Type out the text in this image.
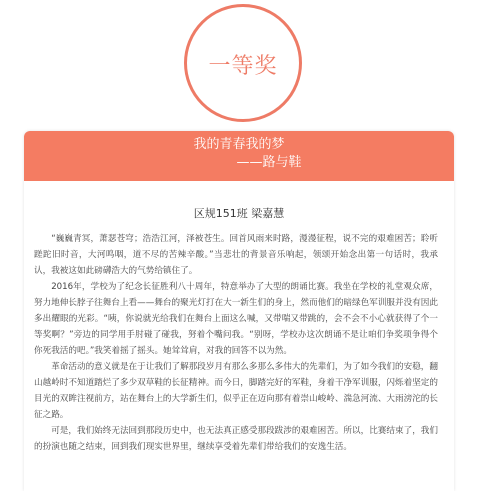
一等奖
我的青春我的梦
——路与鞋
区规151班 梁嘉慧

“巍巍青冥，萧瑟苍穹；浩浩江河，泽被苍生。回首风雨来时路，漫漫征程，说不完的艰难困苦；聆听蹉跎旧时音，大河鸣咽，道不尽的苦辣辛酸。”当悲壮的背景音乐响起，领颂开始念出第一句话时，我承认，我被这如此磅礴浩大的气势给镇住了。

2016年，学校为了纪念长征胜利八十周年，特意举办了大型的朗诵比赛。我坐在学校的礼堂观众席，努力地伸长脖子往舞台上看——舞台的聚光灯打在大一新生们的身上，然而他们的暗绿色军训服并没有因此多出耀眼的光彩。“咦，你说就光给我们在舞台上面这么喊，又带喘又带跳的，会不会不小心就获得了个一等奖啊？”旁边的同学用手肘碰了碰我，努着个嘴问我。“别呀，学校办这次朗诵不是让咱们争奖项争得个你死我活的吧。”我笑着摇了摇头。她耸耸肩，对我的回答不以为然。

革命活动的意义就是在于让我们了解那段岁月有那么多那么多伟大的先辈们，为了如今我们的安稳，翻山越岭时不知道踏烂了多少双草鞋的长征精神。而今日，脚踏完好的军鞋，身着干净军训服，闪烁着坚定的目光的双眸注视前方，站在舞台上的大学新生们，似乎正在迈向那有着崇山峻岭、湍急河流、大雨滂沱的长征之路。

可是，我们始终无法回到那段历史中，也无法真正感受那段跋涉的艰难困苦。所以，比赛结束了，我们的扮演也随之结束，回到我们现实世界里，继续享受着先辈们带给我们的安逸生活。
